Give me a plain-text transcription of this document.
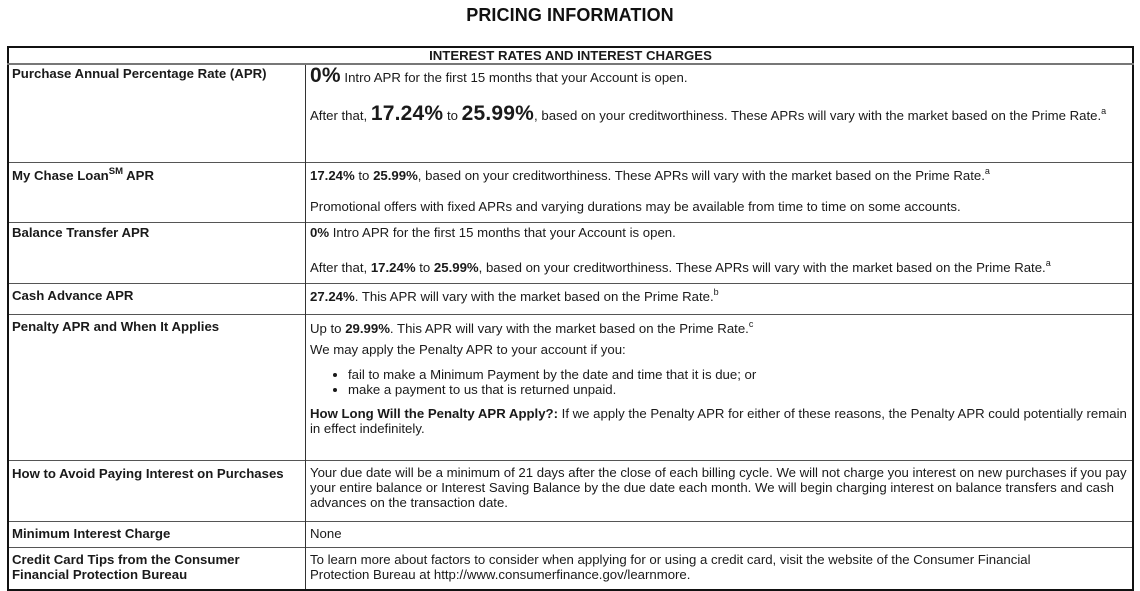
PRICING INFORMATION
INTEREST RATES AND INTEREST CHARGES	
Purchase Annual Percentage Rate (APR)	0% Intro APR for the first 15 months that your Account is open.

After that, 17.24% to 25.99%, based on your creditworthiness. These APRs will vary with the market based on the Prime Rate.$^a$

My Chase Loan℠ APR	17.24% to 25.99%, based on your creditworthiness. These APRs will vary with the market based on the Prime Rate.$^a$

Promotional offers with fixed APRs and varying durations may be available from time to time on some accounts.

Balance Transfer APR	0% Intro APR for the first 15 months that your Account is open.

After that, 17.24% to 25.99%, based on your creditworthiness. These APRs will vary with the market based on the Prime Rate.$^a$

Cash Advance APR	27.24%. This APR will vary with the market based on the Prime Rate.$^b$
Penalty APR and When It Applies	Up to 29.99%. This APR will vary with the market based on the Prime Rate.$^c$

We may apply the Penalty APR to your account if you:

• fail to make a Minimum Payment by the date and time that it is due; or
• make a payment to us that is returned unpaid.

How Long Will the Penalty APR Apply?: If we apply the Penalty APR for either of these reasons, the Penalty APR could potentially remain in effect indefinitely.

How to Avoid Paying Interest on Purchases	Your due date will be a minimum of 21 days after the close of each billing cycle. We will not charge you interest on new purchases if you pay your entire balance or Interest Saving Balance by the due date each month. We will begin charging interest on balance transfers and cash advances on the transaction date.
Minimum Interest Charge	None
Credit Card Tips from the Consumer Financial Protection Bureau	To learn more about factors to consider when applying for or using a credit card, visit the website of the Consumer Financial Protection Bureau at http://www.consumerfinance.gov/learnmore.
